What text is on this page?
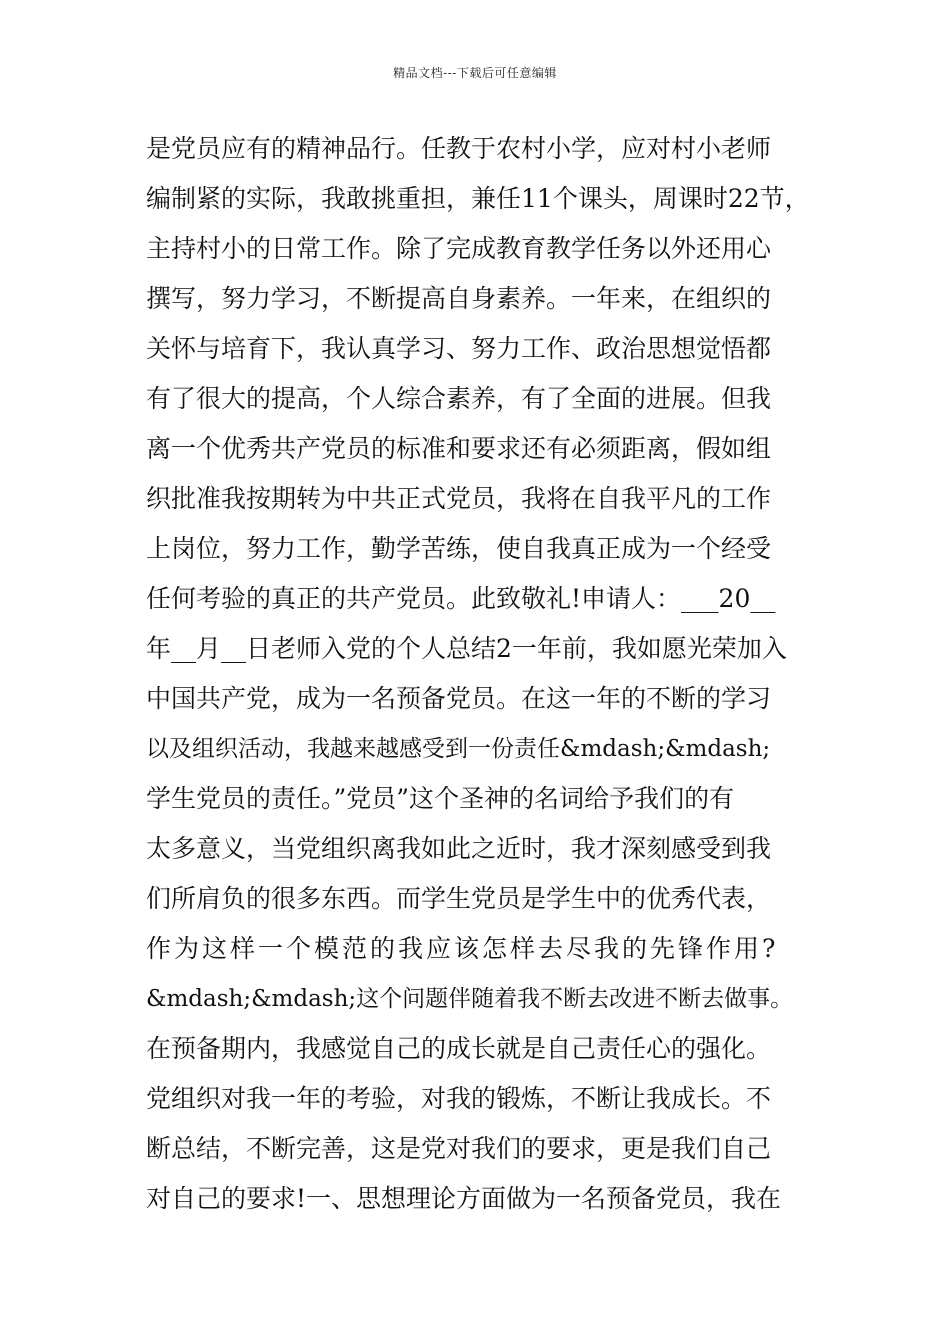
精品文档---下载后可任意编辑
是党员应有的精神品行。任教于农村小学，应对村小老师
编制紧的实际，我敢挑重担，兼任11个课头，周课时22节，
主持村小的日常工作。除了完成教育教学任务以外还用心
撰写，努力学习，不断提高自身素养。一年来，在组织的
关怀与培育下，我认真学习、努力工作、政治思想觉悟都
有了很大的提高，个人综合素养，有了全面的进展。但我
离一个优秀共产党员的标准和要求还有必须距离，假如组
织批准我按期转为中共正式党员，我将在自我平凡的工作
上岗位，努力工作，勤学苦练，使自我真正成为一个经受
任何考验的真正的共产党员。此致敬礼!申请人：___20__
年__月__日老师入党的个人总结2一年前，我如愿光荣加入
中国共产党，成为一名预备党员。在这一年的不断的学习
以及组织活动，我越来越感受到一份责任&mdash;&mdash;
学生党员的责任。”党员”这个圣神的名词给予我们的有
太多意义，当党组织离我如此之近时，我才深刻感受到我
们所肩负的很多东西。而学生党员是学生中的优秀代表，
作为这样一个模范的我应该怎样去尽我的先锋作用?
&mdash;&mdash;这个问题伴随着我不断去改进不断去做事。
在预备期内，我感觉自己的成长就是自己责任心的强化。
党组织对我一年的考验，对我的锻炼，不断让我成长。不
断总结，不断完善，这是党对我们的要求，更是我们自己
对自己的要求!一、思想理论方面做为一名预备党员，我在
